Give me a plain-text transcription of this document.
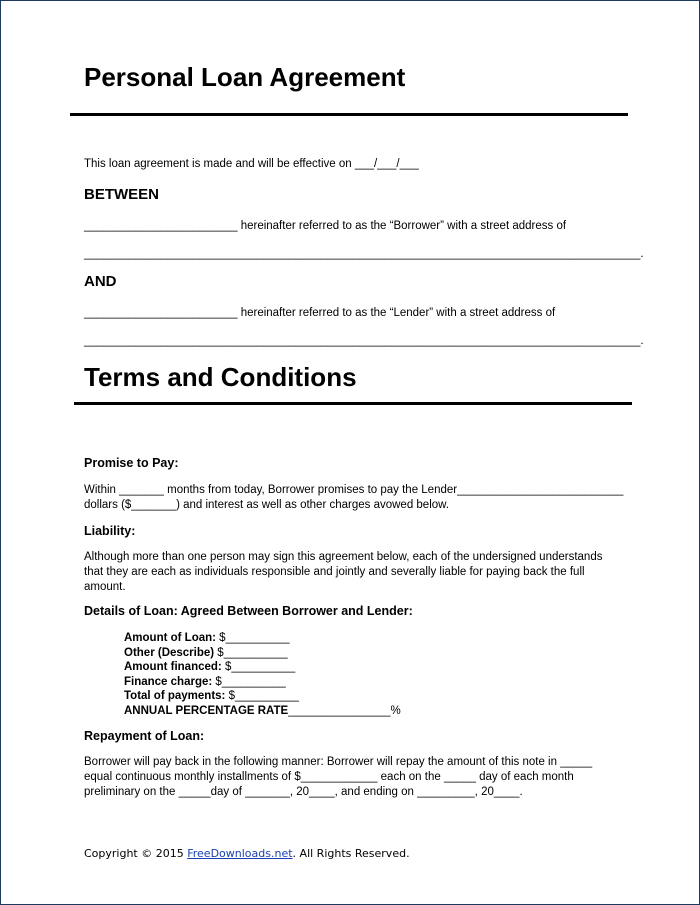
Personal Loan Agreement
This loan agreement is made and will be effective on ___/___/___
BETWEEN
________________________ hereinafter referred to as the “Borrower” with a street address of
_______________________________________________________________________________________.
AND
________________________ hereinafter referred to as the “Lender” with a street address of
_______________________________________________________________________________________.
Terms and Conditions
Promise to Pay:
Within _______ months from today, Borrower promises to pay the Lender__________________________
dollars ($_______) and interest as well as other charges avowed below.
Liability:
Although more than one person may sign this agreement below, each of the undersigned understands that they are each as individuals responsible and jointly and severally liable for paying back the full amount.
Details of Loan: Agreed Between Borrower and Lender:
Amount of Loan: $__________
Other (Describe) $__________
Amount financed: $__________
Finance charge: $__________
Total of payments: $__________
ANNUAL PERCENTAGE RATE________________%
Repayment of Loan:
Borrower will pay back in the following manner: Borrower will repay the amount of this note in _____
equal continuous monthly installments of $____________ each on the _____ day of each month
preliminary on the _____day of _______, 20____, and ending on _________, 20____.
Copyright © 2015 FreeDownloads.net. All Rights Reserved.
